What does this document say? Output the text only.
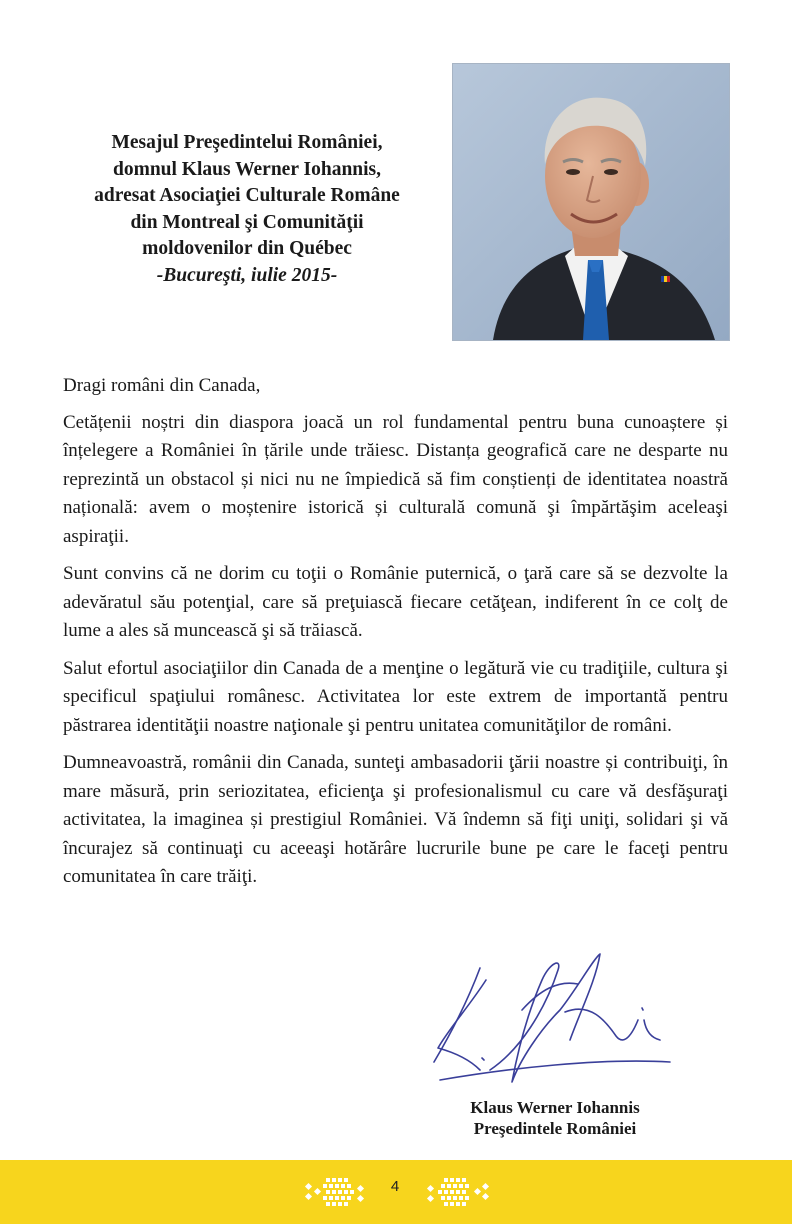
Mesajul Preşedintelui României,
domnul Klaus Werner Iohannis,
adresat Asociaţiei Culturale Române
din Montreal şi Comunităţii
moldovenilor din Québec
-Bucureşti, iulie 2015-

Dragi români din Canada,

Cetățenii noștri din diaspora joacă un rol fundamental pentru buna cunoaștere și înțelegere a României în țările unde trăiesc. Distanța geografică care ne desparte nu reprezintă un obstacol și nici nu ne împiedică să fim conștienți de identitatea noastră națională: avem o moștenire istorică și culturală comună şi împărtăşim aceleaşi aspiraţii.

Sunt convins că ne dorim cu toţii o Românie puternică, o ţară care să se dezvolte la adevăratul său potenţial, care să preţuiască fiecare cetăţean, indiferent în ce colţ de lume a ales să muncească şi să trăiască.

Salut efortul asociaţiilor din Canada de a menţine o legătură vie cu tradiţiile, cultura şi specificul spaţiului românesc. Activitatea lor este extrem de importantă pentru păstrarea identităţii noastre naţionale şi pentru unitatea comunităţilor de români.

Dumneavoastră, românii din Canada, sunteţi ambasadorii ţării noastre și contribuiţi, în mare măsură, prin seriozitatea, eficienţa şi profesionalismul cu care vă desfăşuraţi activitatea, la imaginea și prestigiul României. Vă îndemn să fiţi uniţi, solidari şi vă încurajez să continuaţi cu aceeaşi hotărâre lucrurile bune pe care le faceţi pentru comunitatea în care trăiţi.

Klaus Werner Iohannis
Preşedintele României
4
